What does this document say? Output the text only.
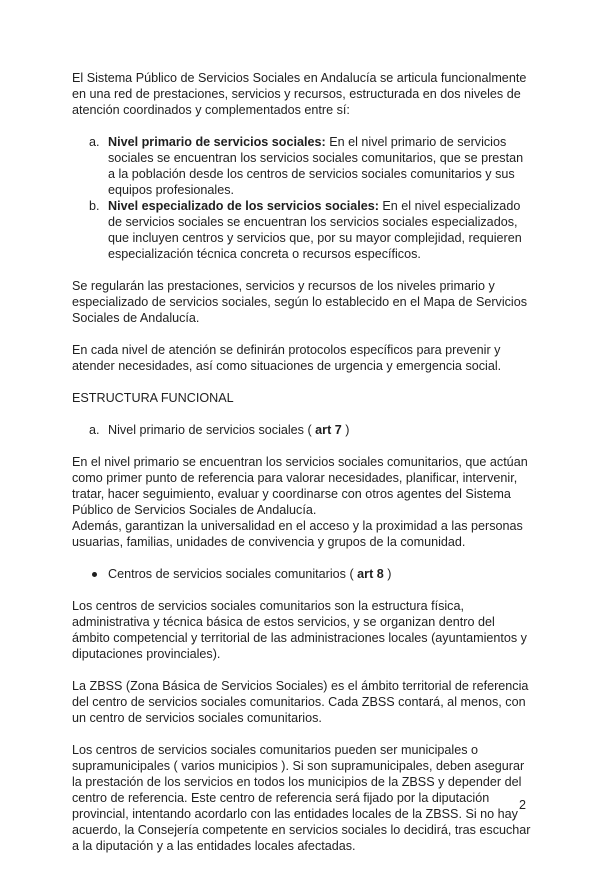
El Sistema Público de Servicios Sociales en Andalucía se articula funcionalmente en una red de prestaciones, servicios y recursos, estructurada en dos niveles de atención coordinados y complementados entre sí:

a. Nivel primario de servicios sociales: En el nivel primario de servicios sociales se encuentran los servicios sociales comunitarios, que se prestan a la población desde los centros de servicios sociales comunitarios y sus equipos profesionales.
b. Nivel especializado de los servicios sociales: En el nivel especializado de servicios sociales se encuentran los servicios sociales especializados, que incluyen centros y servicios que, por su mayor complejidad, requieren especialización técnica concreta o recursos específicos.

Se regularán las prestaciones, servicios y recursos de los niveles primario y especializado de servicios sociales, según lo establecido en el Mapa de Servicios Sociales de Andalucía.

En cada nivel de atención se definirán protocolos específicos para prevenir y atender necesidades, así como situaciones de urgencia y emergencia social.

ESTRUCTURA FUNCIONAL

a. Nivel primario de servicios sociales ( art 7 )

En el nivel primario se encuentran los servicios sociales comunitarios, que actúan como primer punto de referencia para valorar necesidades, planificar, intervenir, tratar, hacer seguimiento, evaluar y coordinarse con otros agentes del Sistema Público de Servicios Sociales de Andalucía.

Además, garantizan la universalidad en el acceso y la proximidad a las personas usuarias, familias, unidades de convivencia y grupos de la comunidad.

Centros de servicios sociales comunitarios ( art 8 )

Los centros de servicios sociales comunitarios son la estructura física, administrativa y técnica básica de estos servicios, y se organizan dentro del ámbito competencial y territorial de las administraciones locales (ayuntamientos y diputaciones provinciales).

La ZBSS (Zona Básica de Servicios Sociales) es el ámbito territorial de referencia del centro de servicios sociales comunitarios. Cada ZBSS contará, al menos, con un centro de servicios sociales comunitarios.

Los centros de servicios sociales comunitarios pueden ser municipales o supramunicipales ( varios municipios ). Si son supramunicipales, deben asegurar la prestación de los servicios en todos los municipios de la ZBSS y depender del centro de referencia. Este centro de referencia será fijado por la diputación provincial, intentando acordarlo con las entidades locales de la ZBSS. Si no hay acuerdo, la Consejería competente en servicios sociales lo decidirá, tras escuchar a la diputación y a las entidades locales afectadas.

2
